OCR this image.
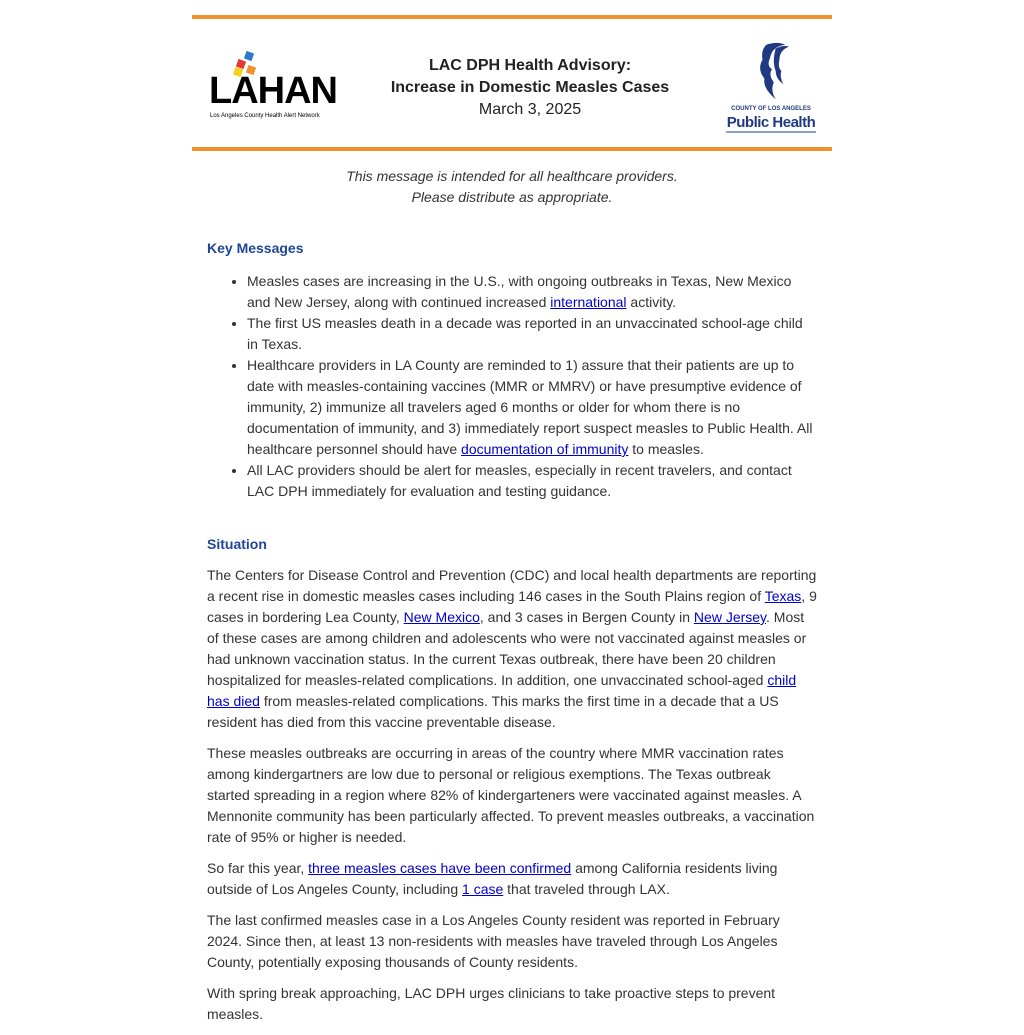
LAHAN
Los Angeles County Health Alert Network
LAC DPH Health Advisory:
Increase in Domestic Measles Cases
March 3, 2025	COUNTY OF LOS ANGELES
Public Health
This message is intended for all healthcare providers.
Please distribute as appropriate.
Key Messages
• Measles cases are increasing in the U.S., with ongoing outbreaks in Texas, New Mexico and New Jersey, along with continued increased international activity.
• The first US measles death in a decade was reported in an unvaccinated school-age child in Texas.
• Healthcare providers in LA County are reminded to 1) assure that their patients are up to date with measles-containing vaccines (MMR or MMRV) or have presumptive evidence of immunity, 2) immunize all travelers aged 6 months or older for whom there is no documentation of immunity, and 3) immediately report suspect measles to Public Health. All healthcare personnel should have documentation of immunity to measles.
• All LAC providers should be alert for measles, especially in recent travelers, and contact LAC DPH immediately for evaluation and testing guidance.
Situation

The Centers for Disease Control and Prevention (CDC) and local health departments are reporting a recent rise in domestic measles cases including 146 cases in the South Plains region of Texas, 9 cases in bordering Lea County, New Mexico, and 3 cases in Bergen County in New Jersey. Most of these cases are among children and adolescents who were not vaccinated against measles or had unknown vaccination status. In the current Texas outbreak, there have been 20 children hospitalized for measles-related complications. In addition, one unvaccinated school-aged child has died from measles-related complications. This marks the first time in a decade that a US resident has died from this vaccine preventable disease.

These measles outbreaks are occurring in areas of the country where MMR vaccination rates among kindergartners are low due to personal or religious exemptions. The Texas outbreak started spreading in a region where 82% of kindergarteners were vaccinated against measles. A Mennonite community has been particularly affected. To prevent measles outbreaks, a vaccination rate of 95% or higher is needed.

So far this year, three measles cases have been confirmed among California residents living outside of Los Angeles County, including 1 case that traveled through LAX.

The last confirmed measles case in a Los Angeles County resident was reported in February 2024. Since then, at least 13 non-residents with measles have traveled through Los Angeles County, potentially exposing thousands of County residents.

With spring break approaching, LAC DPH urges clinicians to take proactive steps to prevent measles.
